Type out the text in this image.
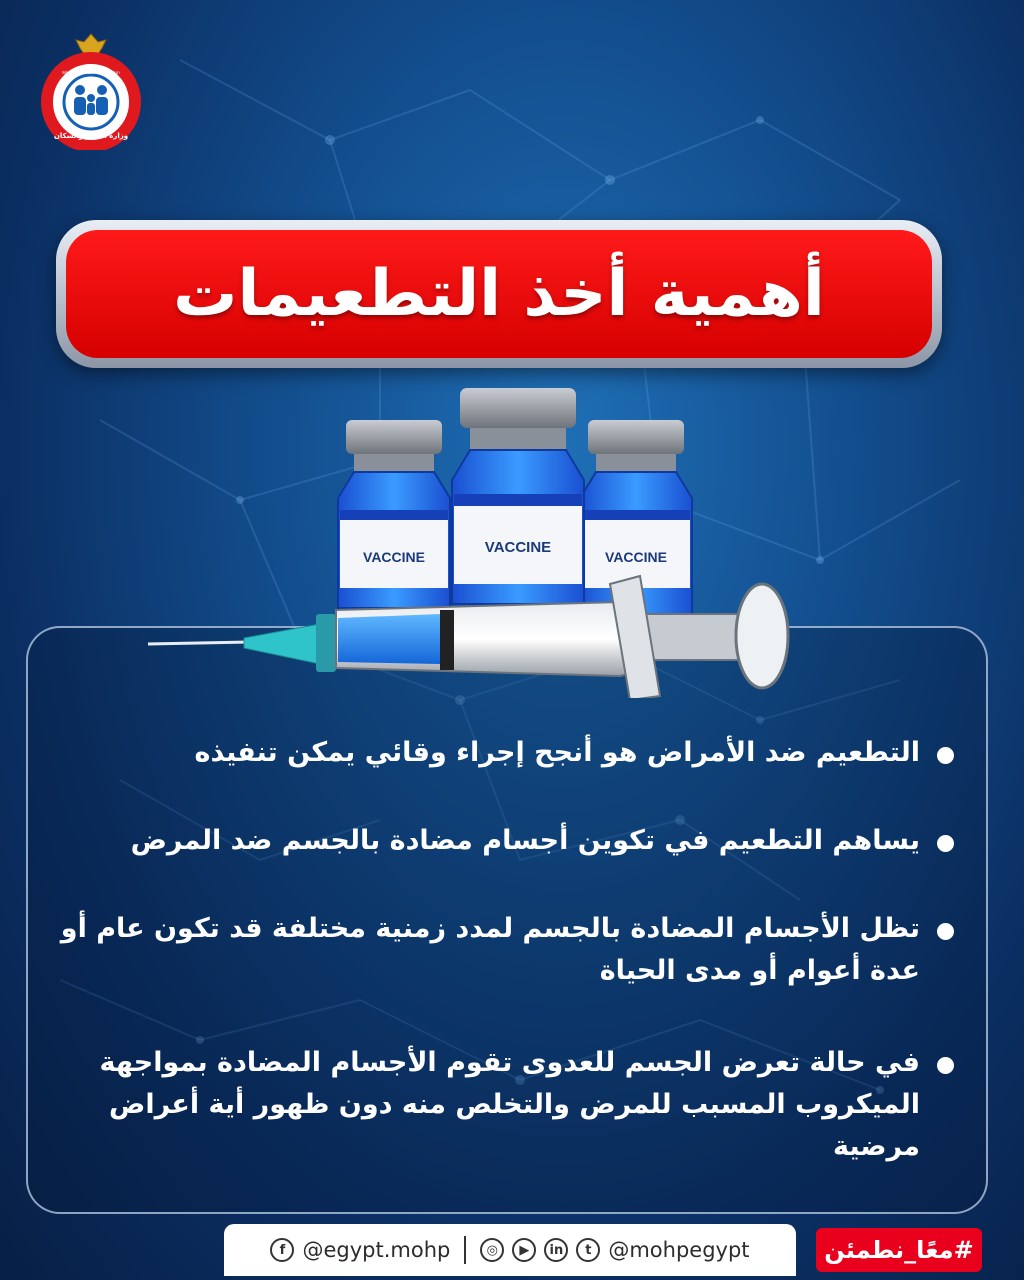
Ministry of Health & Population
وزارة الصحة والسكان
أهمية أخذ التطعيمات
VACCINE	VACCINE
VACCINE
التطعيم ضد الأمراض هو أنجح إجراء وقائي يمكن تنفيذه
يساهم التطعيم في تكوين أجسام مضادة بالجسم ضد المرض
تظل الأجسام المضادة بالجسم لمدد زمنية مختلفة قد تكون عام أو عدة أعوام أو مدى الحياة
في حالة تعرض الجسم للعدوى تقوم الأجسام المضادة بمواجهة الميكروب المسبب للمرض والتخلص منه دون ظهور أية أعراض مرضية
f @egypt.mohp	◎	▶	in	t @mohpegypt	#معًا_نطمئن
